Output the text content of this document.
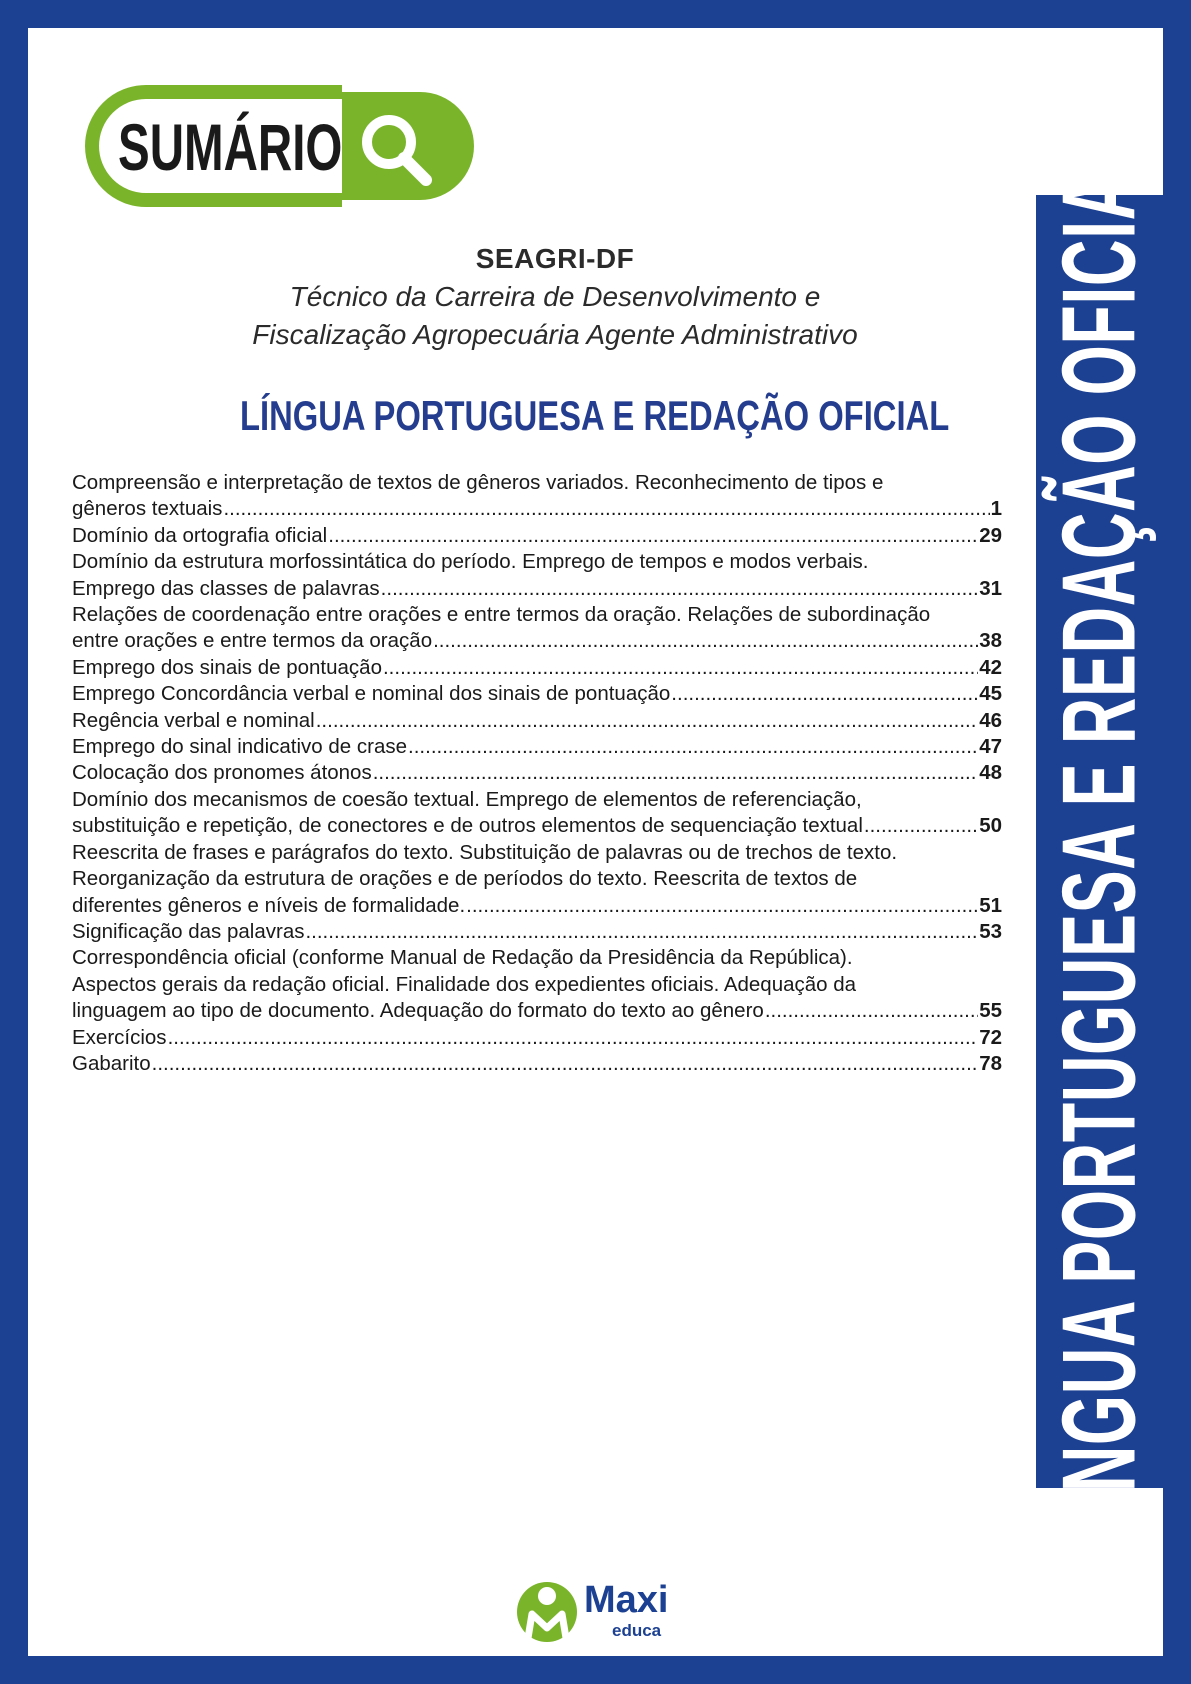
LÍNGUA PORTUGUESA E REDAÇÃO OFICIAL
SUMÁRIO
SEAGRI-DF
Técnico da Carreira de Desenvolvimento e
Fiscalização Agropecuária Agente Administrativo
LÍNGUA PORTUGUESA E REDAÇÃO OFICIAL
Compreensão e interpretação de textos de gêneros variados. Reconhecimento de tipos e
gêneros textuais .....	1
Domínio da ortografia oficial .....	29
Domínio da estrutura morfossintática do período. Emprego de tempos e modos verbais.
Emprego das classes de palavras .....	31
Relações de coordenação entre orações e entre termos da oração. Relações de subordinação
entre orações e entre termos da oração .....	38
Emprego dos sinais de pontuação .....	42
Emprego Concordância verbal e nominal dos sinais de pontuação .....	45
Regência verbal e nominal .....	46
Emprego do sinal indicativo de crase .....	47
Colocação dos pronomes átonos .....	48
Domínio dos mecanismos de coesão textual. Emprego de elementos de referenciação,
substituição e repetição, de conectores e de outros elementos de sequenciação textual .....	50
Reescrita de frases e parágrafos do texto. Substituição de palavras ou de trechos de texto.
Reorganização da estrutura de orações e de períodos do texto. Reescrita de textos de
diferentes gêneros e níveis de formalidade. .....	51
Significação das palavras .....	53
Correspondência oficial (conforme Manual de Redação da Presidência da República).
Aspectos gerais da redação oficial. Finalidade dos expedientes oficiais. Adequação da
linguagem ao tipo de documento. Adequação do formato do texto ao gênero .....	55
Exercícios .....	72
Gabarito .....	78
Maxi
educa
